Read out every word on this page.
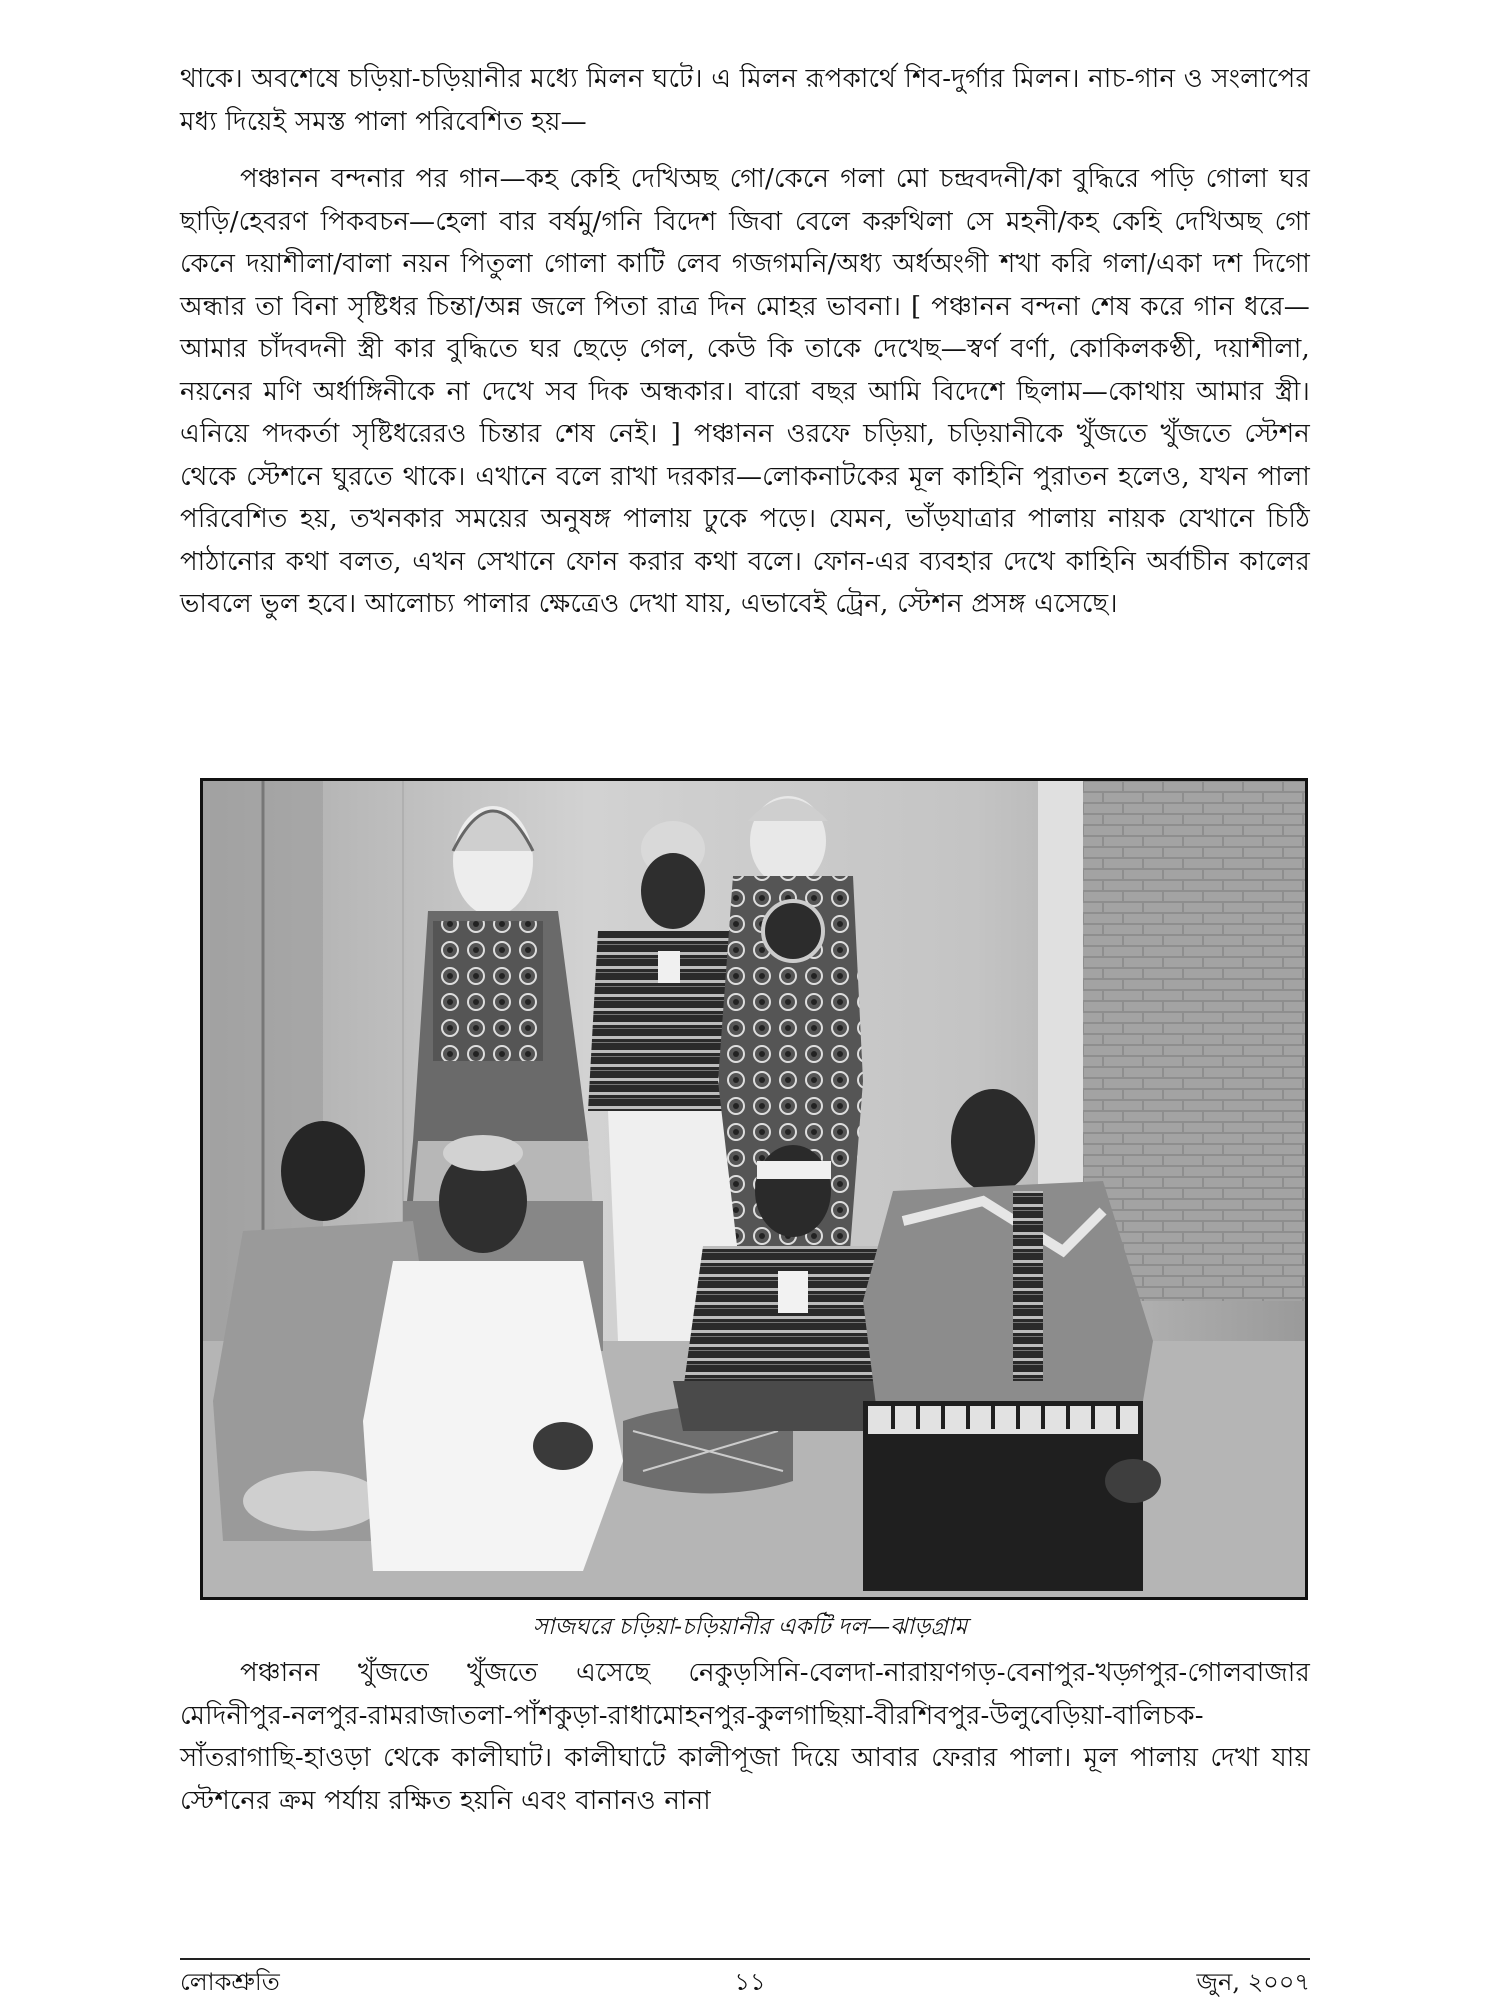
থাকে। অবশেষে চড়িয়া-চড়িয়ানীর মধ্যে মিলন ঘটে। এ মিলন রূপকার্থে শিব-দুর্গার মিলন। নাচ-গান ও সংলাপের মধ্য দিয়েই সমস্ত পালা পরিবেশিত হয়—

পঞ্চানন বন্দনার পর গান—কহ কেহি দেখিঅছ গো/কেনে গলা মো চন্দ্রবদনী/কা বুদ্ধিরে পড়ি গোলা ঘর ছাড়ি/হেবরণ পিকবচন—হেলা বার বর্ষমু/গনি বিদেশ জিবা বেলে করুথিলা সে মহনী/কহ কেহি দেখিঅছ গো কেনে দয়াশীলা/বালা নয়ন পিতুলা গোলা কাটি লেব গজগমনি/অধ্য অর্ধঅংগী শখা করি গলা/একা দশ দিগো অন্ধার তা বিনা সৃষ্টিধর চিন্তা/অন্ন জলে পিতা রাত্র দিন মোহর ভাবনা। [ পঞ্চানন বন্দনা শেষ করে গান ধরে—আমার চাঁদবদনী স্ত্রী কার বুদ্ধিতে ঘর ছেড়ে গেল, কেউ কি তাকে দেখেছ—স্বর্ণ বর্ণা, কোকিলকণ্ঠী, দয়াশীলা, নয়নের মণি অর্ধাঙ্গিনীকে না দেখে সব দিক অন্ধকার। বারো বছর আমি বিদেশে ছিলাম—কোথায় আমার স্ত্রী। এনিয়ে পদকর্তা সৃষ্টিধরেরও চিন্তার শেষ নেই। ] পঞ্চানন ওরফে চড়িয়া, চড়িয়ানীকে খুঁজতে খুঁজতে স্টেশন থেকে স্টেশনে ঘুরতে থাকে। এখানে বলে রাখা দরকার—লোকনাটকের মূল কাহিনি পুরাতন হলেও, যখন পালা পরিবেশিত হয়, তখনকার সময়ের অনুষঙ্গ পালায় ঢুকে পড়ে। যেমন, ভাঁড়যাত্রার পালায় নায়ক যেখানে চিঠি পাঠানোর কথা বলত, এখন সেখানে ফোন করার কথা বলে। ফোন-এর ব্যবহার দেখে কাহিনি অর্বাচীন কালের ভাবলে ভুল হবে। আলোচ্য পালার ক্ষেত্রেও দেখা যায়, এভাবেই ট্রেন, স্টেশন প্রসঙ্গ এসেছে।

সাজঘরে চড়িয়া-চড়িয়ানীর একটি দল—ঝাড়গ্রাম

পঞ্চানন খুঁজতে খুঁজতে এসেছে নেকুড়সিনি-বেলদা-নারায়ণগড়-বেনাপুর-খড়্গপুর-গোলবাজার মেদিনীপুর-নলপুর-রামরাজাতলা-পাঁশকুড়া-রাধামোহনপুর-কুলগাছিয়া-বীরশিবপুর-উলুবেড়িয়া-বালিচক-সাঁতরাগাছি-হাওড়া থেকে কালীঘাট। কালীঘাটে কালীপূজা দিয়ে আবার ফেরার পালা। মূল পালায় দেখা যায় স্টেশনের ক্রম পর্যায় রক্ষিত হয়নি এবং বানানও নানা

১১
লোকশ্রুতি	জুন, ২০০৭
